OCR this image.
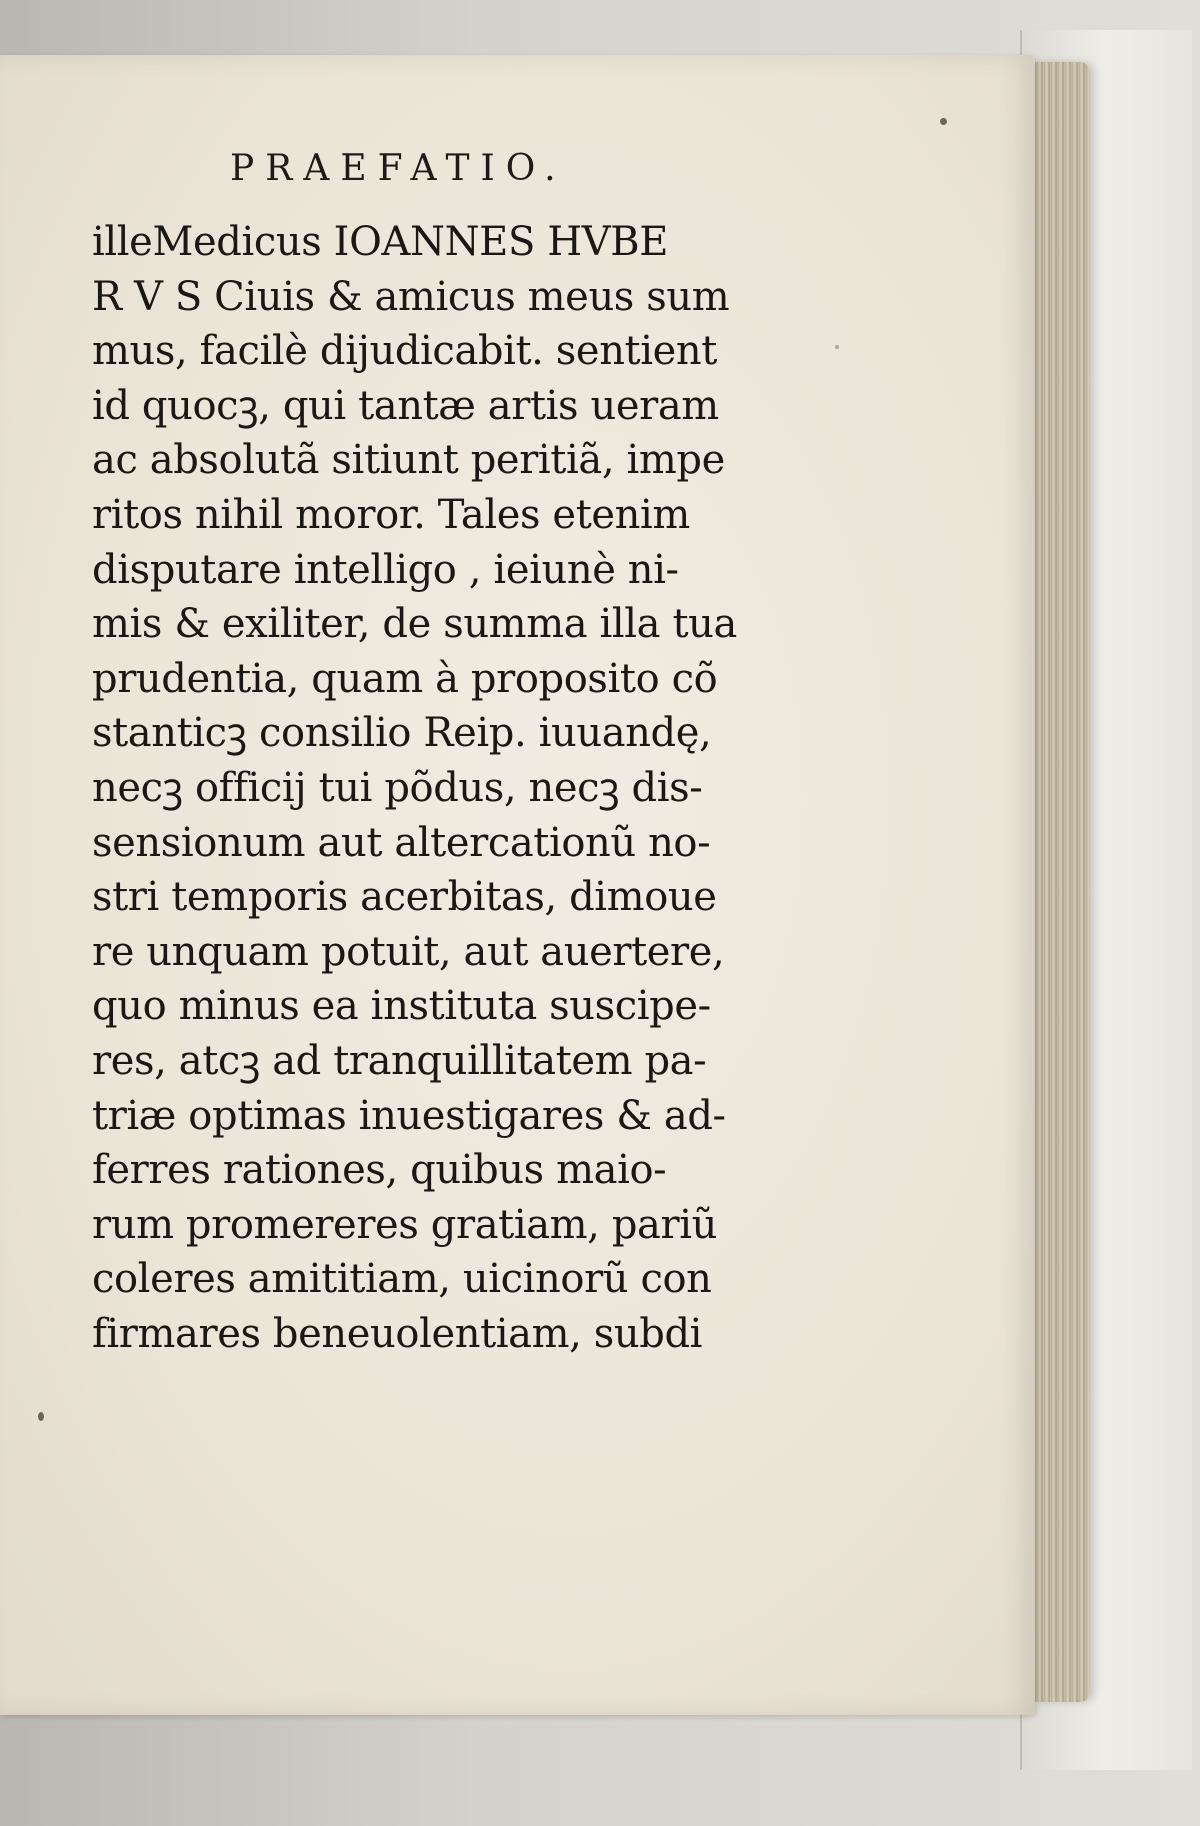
PRAEFATIO.
illeMedicus IOANNES HVBE
R V S Ciuis & amicus meus sum
mus, facilè dijudicabit. sentient
id quocꝫ, qui tantæ artis ueram
ac absolutã sitiunt peritiã, impe
ritos nihil moror. Tales etenim
disputare intelligo , ieiunè ni-
mis & exiliter, de summa illa tua
prudentia, quam à proposito cõ
stanticꝫ consilio Reip. iuuandę,
necꝫ officij tui põdus, necꝫ dis-
sensionum aut altercationũ no-
stri temporis acerbitas, dimoue
re unquam potuit, aut auertere,
quo minus ea instituta suscipe-
res, atcꝫ ad tranquillitatem pa-
triæ optimas inuestigares & ad-
ferres rationes, quibus maio-
rum promereres gratiam, pariũ
coleres amititiam, uicinorũ con
firmares beneuolentiam, subdi
